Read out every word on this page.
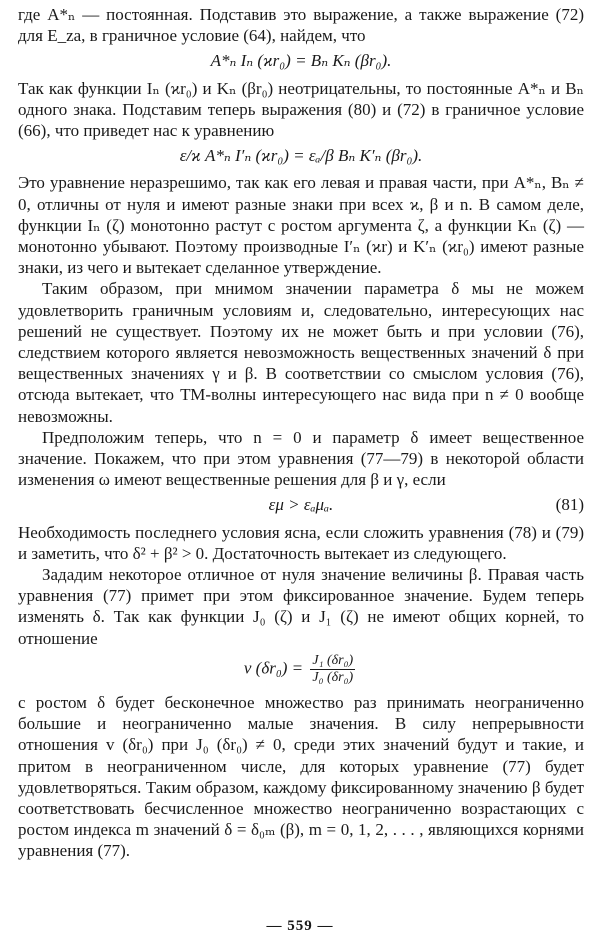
где A*ₙ — постоянная. Подставив это выражение, а также выражение (72) для E_za, в граничное условие (64), найдем, что

A*ₙ Iₙ (ϰr₀) = Bₙ Kₙ (βr₀).

Так как функции Iₙ (ϰr₀) и Kₙ (βr₀) неотрицательны, то постоянные A*ₙ и Bₙ одного знака. Подставим теперь выражения (80) и (72) в граничное условие (66), что приведет нас к уравнению

ε/ϰ A*ₙ I′ₙ (ϰr₀) = εₐ/β Bₙ K′ₙ (βr₀).

Это уравнение неразрешимо, так как его левая и правая части, при A*ₙ, Bₙ ≠ 0, отличны от нуля и имеют разные знаки при всех ϰ, β и n. В самом деле, функции Iₙ (ζ) монотонно растут с ростом аргумента ζ, а функции Kₙ (ζ) — монотонно убывают. Поэтому производные I′ₙ (ϰr) и K′ₙ (ϰr₀) имеют разные знаки, из чего и вытекает сделанное утверждение.

Таким образом, при мнимом значении параметра δ мы не можем удовлетворить граничным условиям и, следовательно, интересующих нас решений не существует. Поэтому их не может быть и при условии (76), следствием которого является невозможность вещественных значений δ при вещественных значениях γ и β. В соответствии со смыслом условия (76), отсюда вытекает, что ТМ-волны интересующего нас вида при n ≠ 0 вообще невозможны.

Предположим теперь, что n = 0 и параметр δ имеет вещественное значение. Покажем, что при этом уравнения (77—79) в некоторой области изменения ω имеют вещественные решения для β и γ, если

εμ > εₐμₐ.	(81)

Необходимость последнего условия ясна, если сложить уравнения (78) и (79) и заметить, что δ² + β² > 0. Достаточность вытекает из следующего.

Зададим некоторое отличное от нуля значение величины β. Правая часть уравнения (77) примет при этом фиксированное значение. Будем теперь изменять δ. Так как функции J₀ (ζ) и J₁ (ζ) не имеют общих корней, то отношение

v $(\delta r_0) = \frac{\text{J₁ (δr₀)}}{\text{J₀ (δr₀)}}$

с ростом δ будет бесконечное множество раз принимать неограниченно большие и неограниченно малые значения. В силу непрерывности отношения v (δr₀) при J₀ (δr₀) ≠ 0, среди этих значений будут и такие, и притом в неограниченном числе, для которых уравнение (77) будет удовлетворяться. Таким образом, каждому фиксированному значению β будет соответствовать бесчисленное множество неограниченно возрастающих с ростом индекса m значений δ = δ₀ₘ (β), m = 0, 1, 2, . . . , являющихся корнями уравнения (77).

— 559 —
